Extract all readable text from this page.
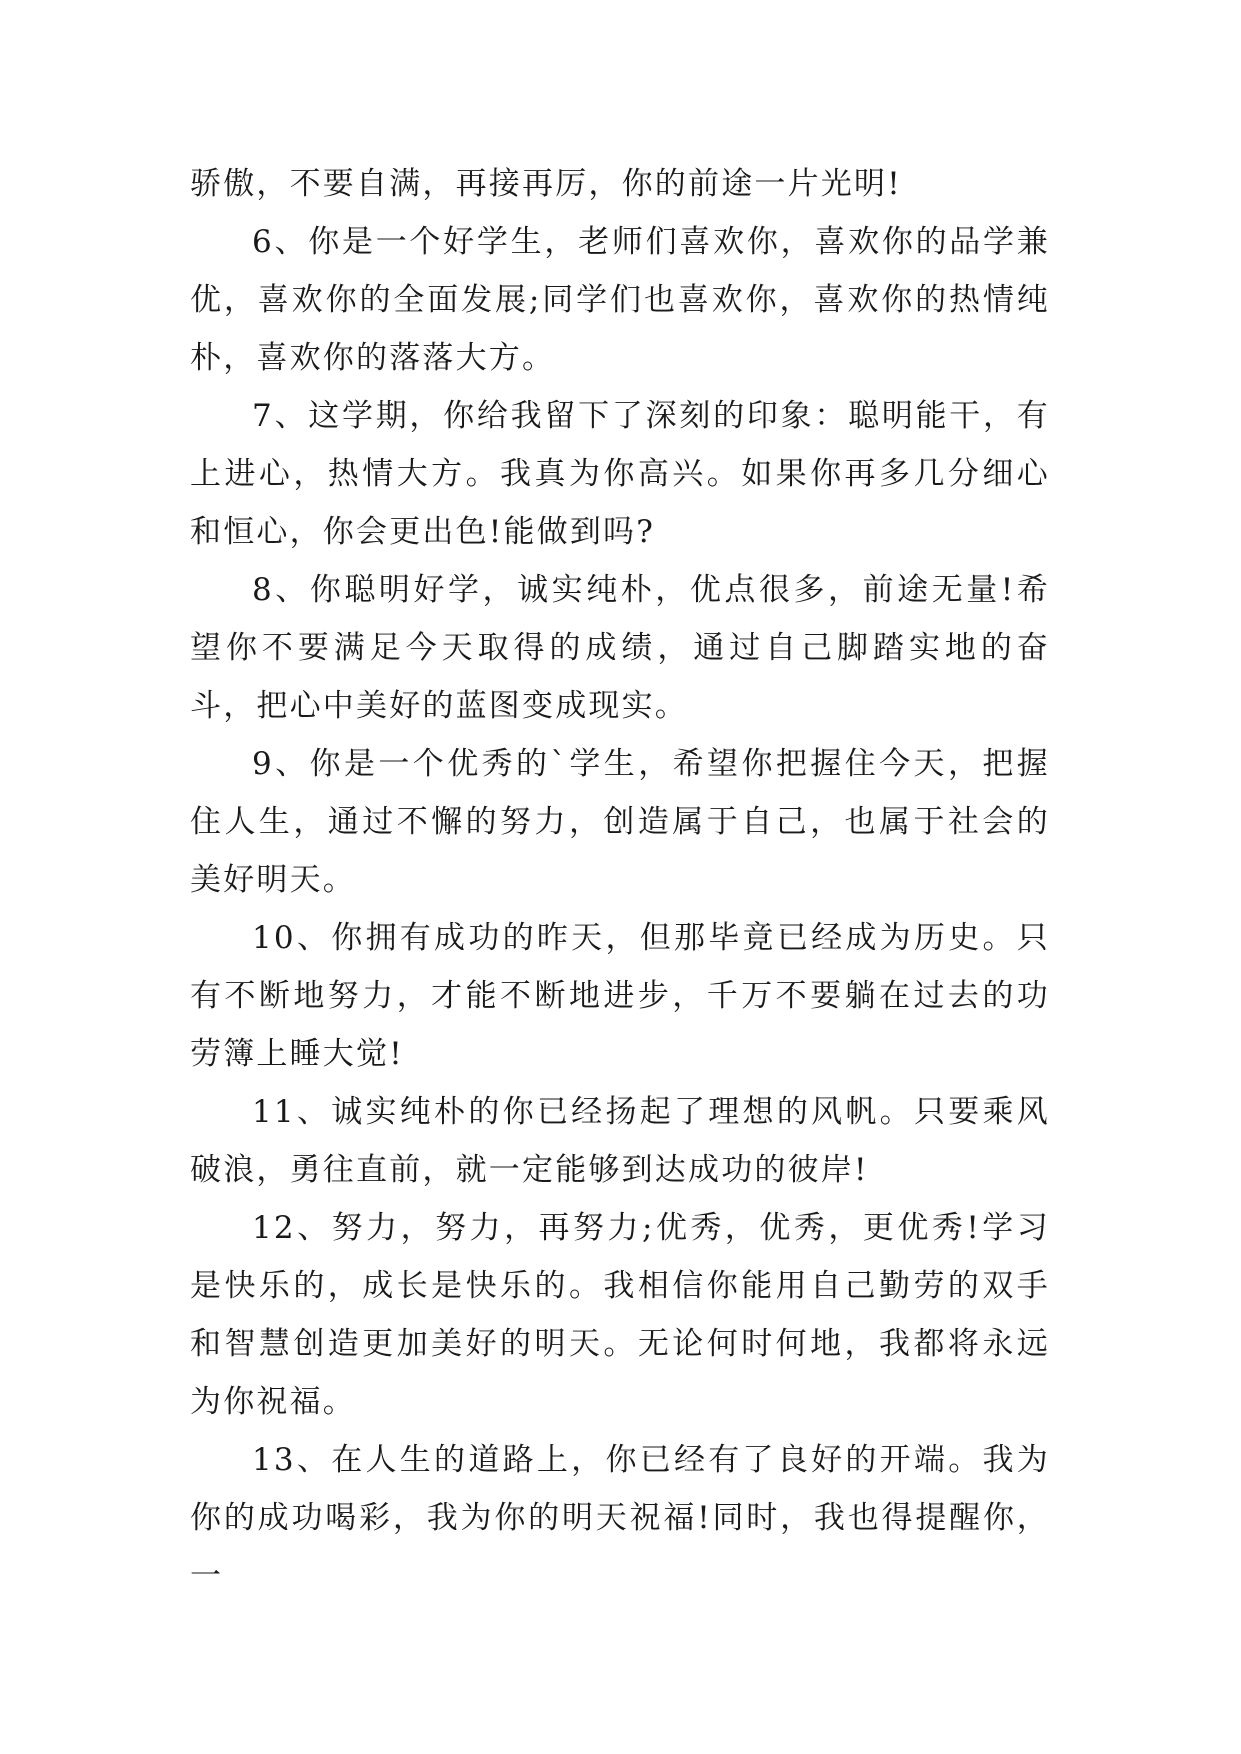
骄傲，不要自满，再接再厉，你的前途一片光明!

6、你是一个好学生，老师们喜欢你，喜欢你的品学兼优，喜欢你的全面发展;同学们也喜欢你，喜欢你的热情纯朴，喜欢你的落落大方。

7、这学期，你给我留下了深刻的印象：聪明能干，有上进心，热情大方。我真为你高兴。如果你再多几分细心和恒心，你会更出色!能做到吗?

8、你聪明好学，诚实纯朴，优点很多，前途无量!希望你不要满足今天取得的成绩，通过自己脚踏实地的奋斗，把心中美好的蓝图变成现实。

9、你是一个优秀的`学生，希望你把握住今天，把握住人生，通过不懈的努力，创造属于自己，也属于社会的美好明天。

10、你拥有成功的昨天，但那毕竟已经成为历史。只有不断地努力，才能不断地进步，千万不要躺在过去的功劳簿上睡大觉!

11、诚实纯朴的你已经扬起了理想的风帆。只要乘风破浪，勇往直前，就一定能够到达成功的彼岸!

12、努力，努力，再努力;优秀，优秀，更优秀!学习是快乐的，成长是快乐的。我相信你能用自己勤劳的双手和智慧创造更加美好的明天。无论何时何地，我都将永远为你祝福。

13、在人生的道路上，你已经有了良好的开端。我为你的成功喝彩，我为你的明天祝福!同时，我也得提醒你，一
